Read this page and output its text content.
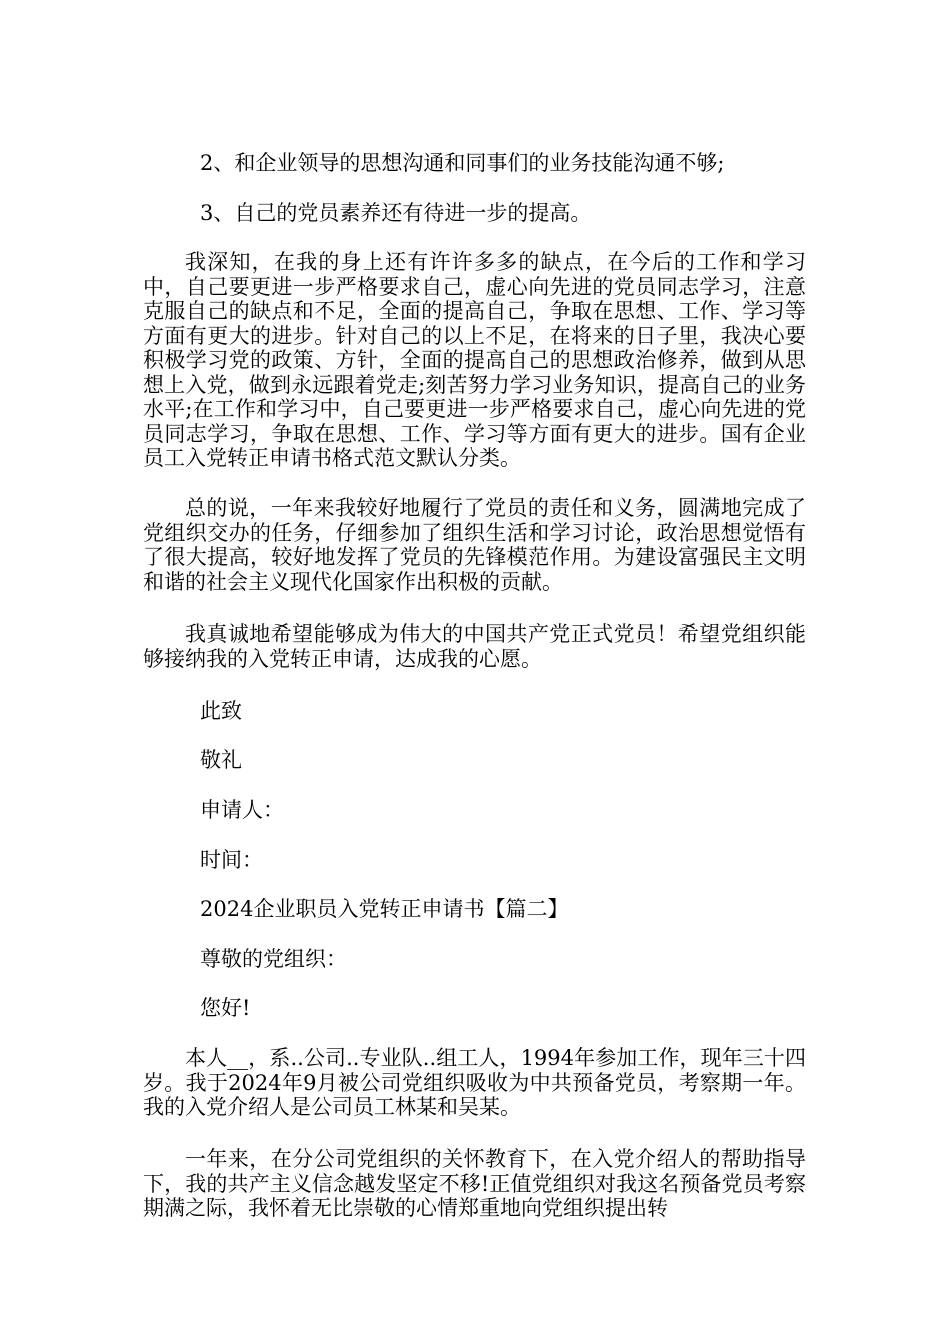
2、和企业领导的思想沟通和同事们的业务技能沟通不够;

3、自己的党员素养还有待进一步的提高。

我深知，在我的身上还有许许多多的缺点，在今后的工作和学习中，自己要更进一步严格要求自己，虚心向先进的党员同志学习，注意克服自己的缺点和不足，全面的提高自己，争取在思想、工作、学习等方面有更大的进步。针对自己的以上不足，在将来的日子里，我决心要积极学习党的政策、方针，全面的提高自己的思想政治修养，做到从思想上入党，做到永远跟着党走;刻苦努力学习业务知识，提高自己的业务水平;在工作和学习中，自己要更进一步严格要求自己，虚心向先进的党员同志学习，争取在思想、工作、学习等方面有更大的进步。国有企业员工入党转正申请书格式范文默认分类。

总的说，一年来我较好地履行了党员的责任和义务，圆满地完成了党组织交办的任务，仔细参加了组织生活和学习讨论，政治思想觉悟有了很大提高，较好地发挥了党员的先锋模范作用。为建设富强民主文明和谐的社会主义现代化国家作出积极的贡献。

我真诚地希望能够成为伟大的中国共产党正式党员！希望党组织能够接纳我的入党转正申请，达成我的心愿。

此致

敬礼

申请人：

时间：

2024企业职员入党转正申请书【篇二】

尊敬的党组织：

您好!

本人__，系..公司..专业队..组工人，1994年参加工作，现年三十四岁。我于2024年9月被公司党组织吸收为中共预备党员，考察期一年。我的入党介绍人是公司员工林某和吴某。

一年来，在分公司党组织的关怀教育下，在入党介绍人的帮助指导下，我的共产主义信念越发坚定不移!正值党组织对我这名预备党员考察期满之际，我怀着无比崇敬的心情郑重地向党组织提出转
